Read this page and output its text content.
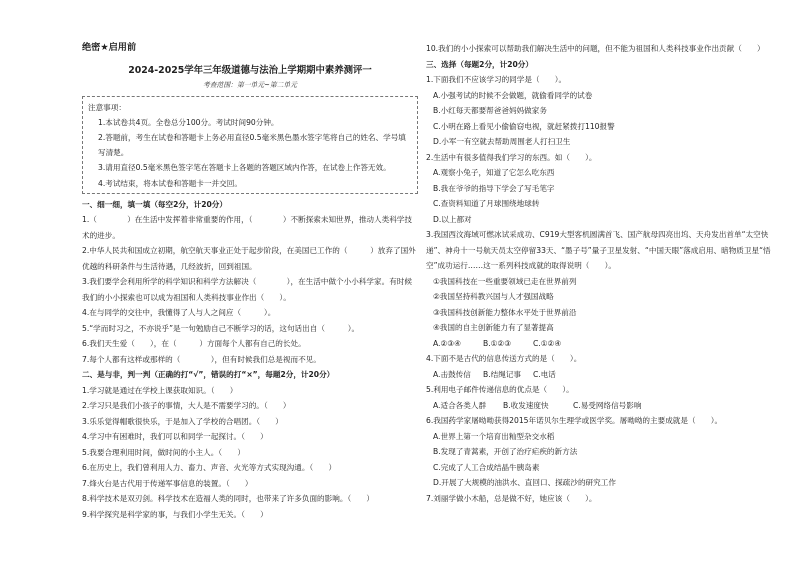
绝密★启用前

2024-2025学年三年级道德与法治上学期期中素养测评一

考查范围：第一单元~第二单元

注意事项：

1.本试卷共4页。全卷总分100分。考试时间90分钟。

2.答题前，考生在试卷和答题卡上务必用直径0.5毫米黑色墨水签字笔将自己的姓名、学号填写清楚。

3.请用直径0.5毫米黑色签字笔在答题卡上各题的答题区域内作答，在试卷上作答无效。

4.考试结束，将本试卷和答题卡一并交回。

一、细一细，填一填（每空2分，计20分）

1.（　　　　）在生活中发挥着非常重要的作用，（　　　　）不断探索未知世界，推动人类科学技术的进步。

2.中华人民共和国成立初期，航空航天事业正处于起步阶段，在美国已工作的（　　　）放弃了国外优越的科研条件与生活待遇，几经波折，回到祖国。

3.我们要学会利用所学的科学知识和科学方法解决（　　　　），在生活中做个小小科学家。有时候我们的小小探索也可以成为祖国和人类科技事业作出（　　）。

4.在与同学的交往中，我懂得了人与人之间应（　　　）。

5.“学而时习之，不亦说乎”是一句勉励自己不断学习的话，这句话出自（　　　）。

6.我们天生爱（　　），在（　　　）方面每个人都有自己的长处。

7.每个人都有这样或那样的（　　　　），但有时候我们总是视而不见。

二、是与非，判一判（正确的打“√”，错误的打“×”，每题2分，计20分）

1.学习就是通过在学校上课获取知识。（　　）

2.学习只是我们小孩子的事情，大人是不需要学习的。（　　）

3.乐乐觉得帽歌很快乐，于是加入了学校的合唱团。（　　）

4.学习中有困难时，我们可以和同学一起探讨。（　　）

5.我要合理利用时间，做时间的小主人。（　　）

6.在历史上，我们曾利用人力、畜力、声音、火光等方式实现沟通。（　　）

7.烽火台是古代用于传递军事信息的装置。（　　）

8.科学技术是双刃剑。科学技术在造福人类的同时，也带来了许多负面的影响。（　　）

9.科学探究是科学家的事，与我们小学生无关。（　　）

10.我们的小小探索可以帮助我们解决生活中的问题，但不能为祖国和人类科技事业作出贡献（　　）

三、选择（每题2分，计20分）

1.下面我们不应该学习的同学是（　　）。

A.小强考试的时候不会做题，就偷看同学的试卷

B.小红每天都要帮爸爸妈妈做家务

C.小明在路上看见小偷偷窃电视，就赶紧拨打110报警

D.小军一有空就去帮助周围老人打扫卫生

2.生活中有很多值得我们学习的东西。如（　　）。

A.观察小兔子，知道了它怎么吃东西

B.我在爷爷的指导下学会了写毛笔字

C.查资料知道了月球围绕地球转

D.以上都对

3.我国西汶海域可燃冰试采成功、C919大型客机圆满首飞、国产航母四亮出坞、天舟发出首单“太空快递”、神舟十一号航天员太空停留33天、“墨子号”量子卫星发射、“中国天眼”落成启用、暗物质卫星“悟空”成功运行……这一系列科技成就的取得说明（　　）。

①我国科技在一些重要领域已走在世界前列

②我国坚持科教兴国与人才强国战略

③我国科技创新能力整体水平处于世界前沿

④我国的自主创新能力有了显著提高

A.②③④	B.①②③	C.①②④

4.下面不是古代的信息传送方式的是（　　）。

A.击鼓传信	B.结绳记事	C.电话

5.利用电子邮件传递信息的优点是（　　）。

A.适合各类人群	B.收发速度快	C.易受网络信号影响

6.我国药学家屠呦呦获得2015年诺贝尔生理学或医学奖。屠呦呦的主要成就是（　　）。

A.世界上第一个培育出籼型杂交水稻

B.发现了青蒿素，开创了治疗疟疾的新方法

C.完成了人工合成结晶牛胰岛素

D.开展了大规模的油洪水、直回口、探疏沙的研究工作

7.刘丽学做小木船，总是做不好，她应该（　　）。
